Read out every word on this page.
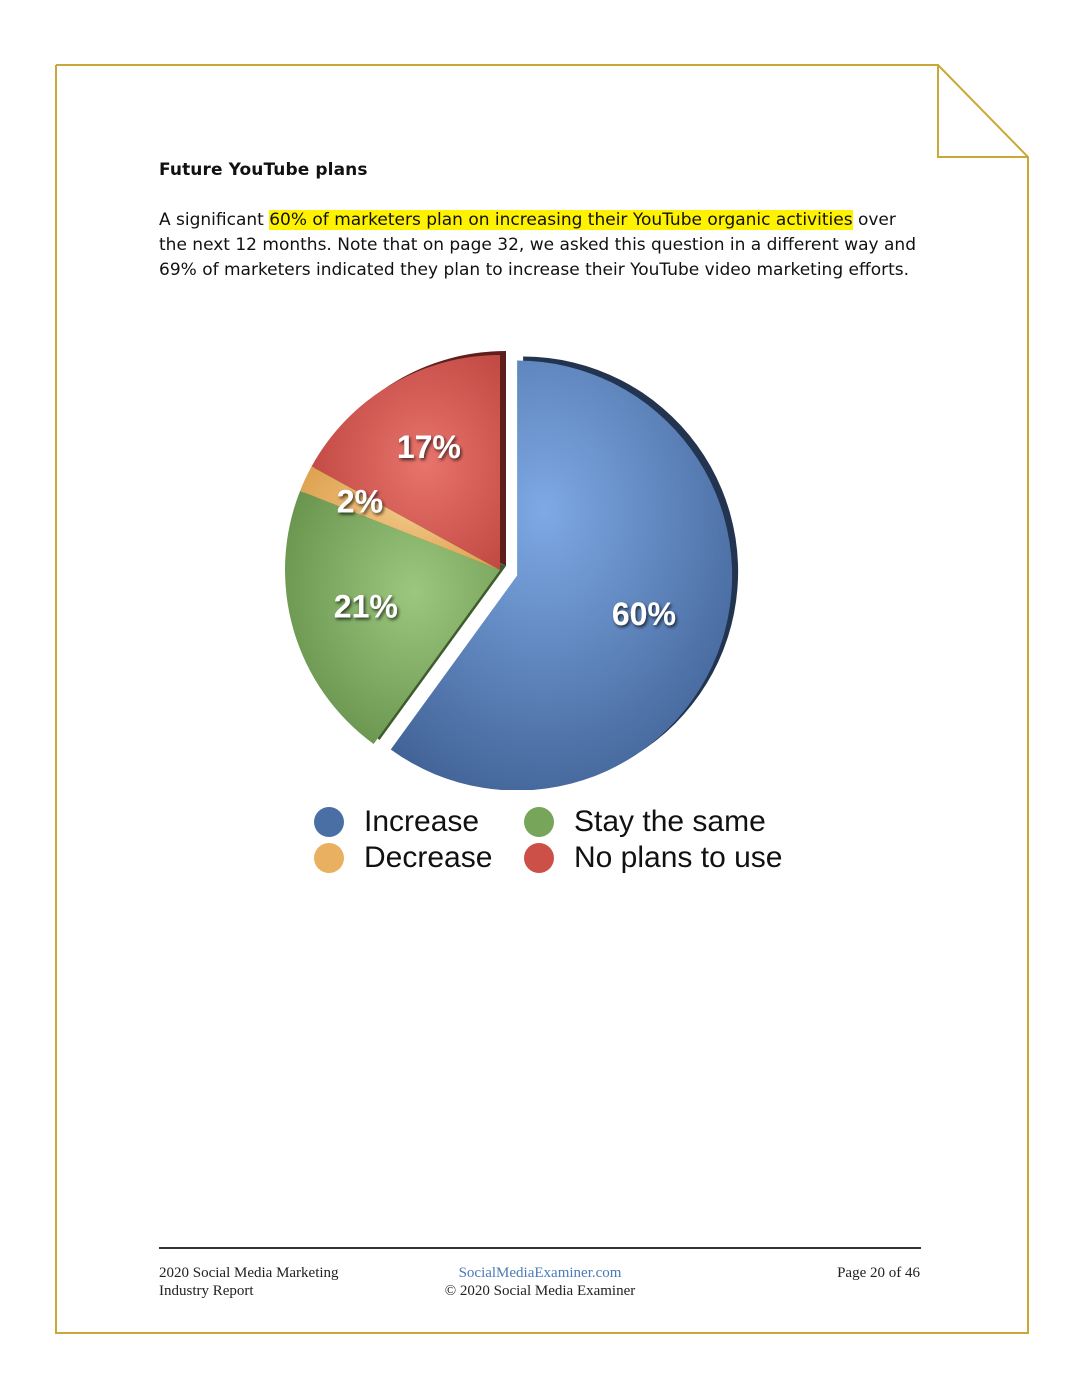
Future YouTube plans
A significant 60% of marketers plan on increasing their YouTube organic activities over the next 12 months. Note that on page 32, we asked this question in a different way and 69% of marketers indicated they plan to increase their YouTube video marketing efforts.
60%
21%
2%
17%
Increase	Stay the same
Decrease	No plans to use
2020 Social Media Marketing
Industry Report
SocialMediaExaminer.com
© 2020 Social Media Examiner
Page 20 of 46
